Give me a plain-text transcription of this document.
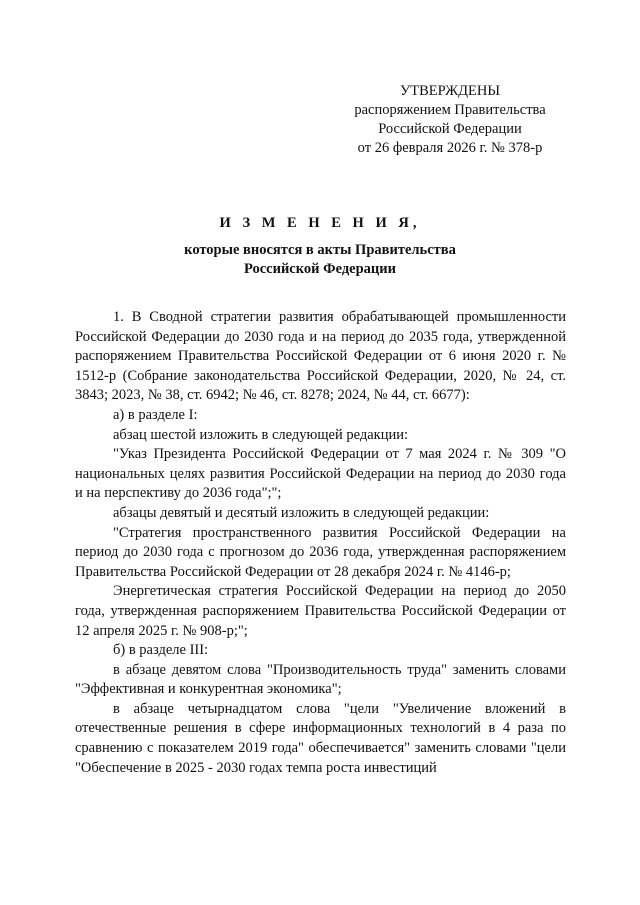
УТВЕРЖДЕНЫ
распоряжением Правительства
Российской Федерации
от 26 февраля 2026 г. № 378-р
И З М Е Н Е Н И Я,
которые вносятся в акты Правительства
Российской Федерации

1. В Сводной стратегии развития обрабатывающей промышленности Российской Федерации до 2030 года и на период до 2035 года, утвержденной распоряжением Правительства Российской Федерации от 6 июня 2020 г. № 1512-р (Собрание законодательства Российской Федерации, 2020, № 24, ст. 3843; 2023, № 38, ст. 6942; № 46, ст. 8278; 2024, № 44, ст. 6677):

а) в разделе I:

абзац шестой изложить в следующей редакции:

"Указ Президента Российской Федерации от 7 мая 2024 г. № 309 "О национальных целях развития Российской Федерации на период до 2030 года и на перспективу до 2036 года";";

абзацы девятый и десятый изложить в следующей редакции:

"Стратегия пространственного развития Российской Федерации на период до 2030 года с прогнозом до 2036 года, утвержденная распоряжением Правительства Российской Федерации от 28 декабря 2024 г. № 4146-р;

Энергетическая стратегия Российской Федерации на период до 2050 года, утвержденная распоряжением Правительства Российской Федерации от 12 апреля 2025 г. № 908-р;";

б) в разделе III:

в абзаце девятом слова "Производительность труда" заменить словами "Эффективная и конкурентная экономика";

в абзаце четырнадцатом слова "цели "Увеличение вложений в отечественные решения в сфере информационных технологий в 4 раза по сравнению с показателем 2019 года" обеспечивается" заменить словами "цели "Обеспечение в 2025 - 2030 годах темпа роста инвестиций
